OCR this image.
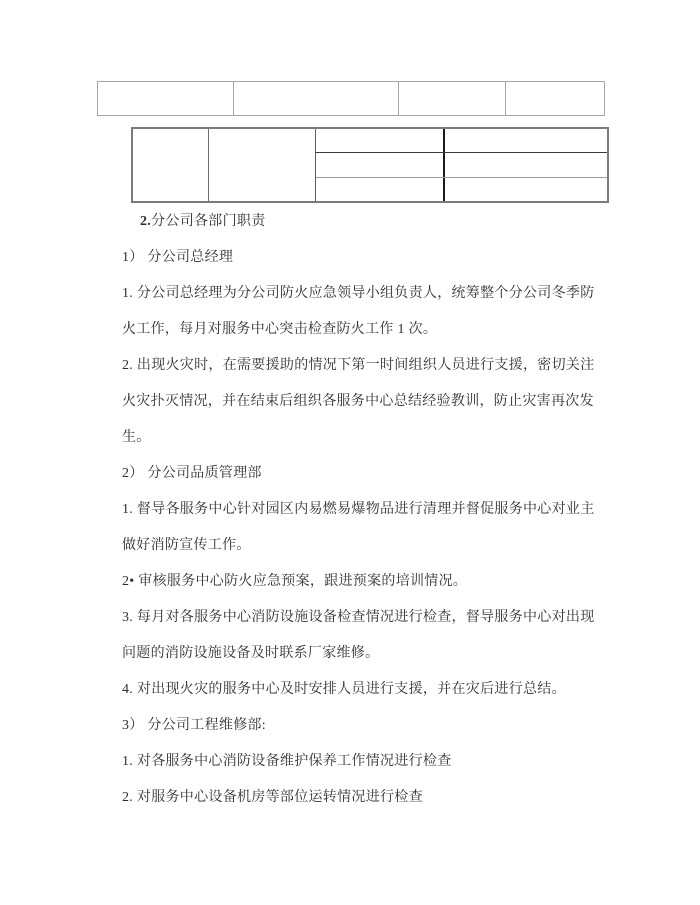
2.分公司各部门职责
1） 分公司总经理
1. 分公司总经理为分公司防火应急领导小组负责人，统筹整个分公司冬季防
火工作，每月对服务中心突击检查防火工作 1 次。
2. 出现火灾时，在需要援助的情况下第一时间组织人员进行支援，密切关注
火灾扑灭情况，并在结束后组织各服务中心总结经验教训，防止灾害再次发
生。
2） 分公司品质管理部
1. 督导各服务中心针对园区内易燃易爆物品进行清理并督促服务中心对业主
做好消防宣传工作。
2• 审核服务中心防火应急预案，跟进预案的培训情况。
3. 每月对各服务中心消防设施设备检查情况进行检查，督导服务中心对出现
问题的消防设施设备及时联系厂家维修。
4. 对出现火灾的服务中心及时安排人员进行支援，并在灾后进行总结。
3） 分公司工程维修部:
1. 对各服务中心消防设备维护保养工作情况进行检查
2. 对服务中心设备机房等部位运转情况进行检查
